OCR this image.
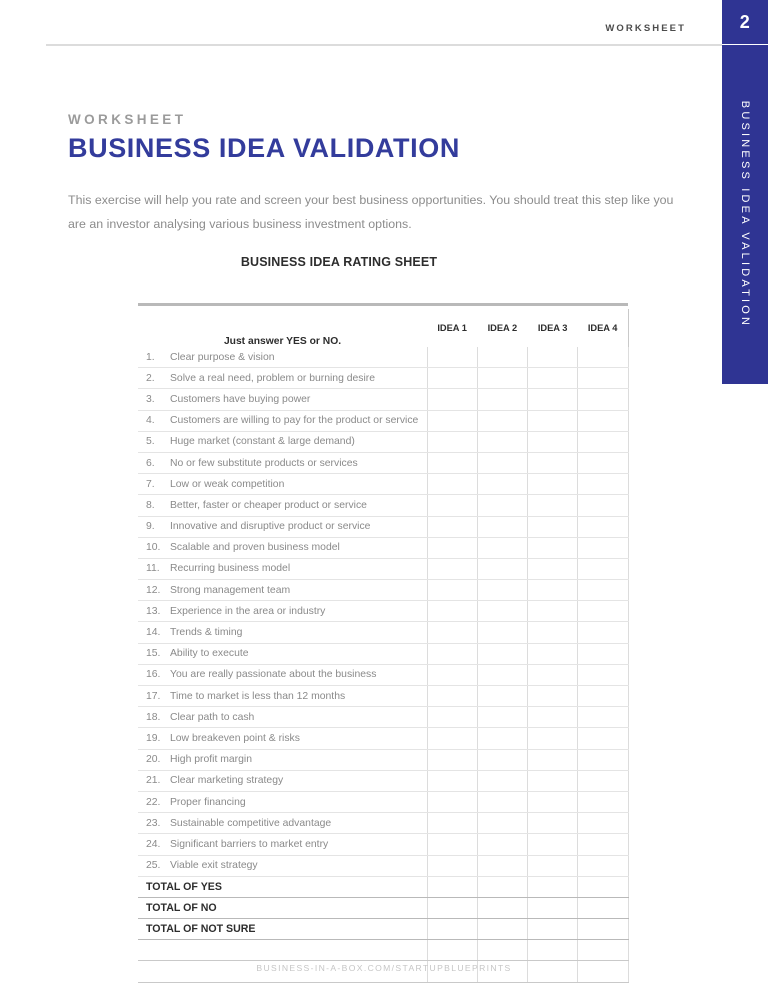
WORKSHEET	2
BUSINESS IDEA VALIDATION
WORKSHEET
BUSINESS IDEA VALIDATION
This exercise will help you rate and screen your best business opportunities. You should treat this step like you are an investor analysing various business investment options.
BUSINESS IDEA RATING SHEET

Just answer YES or NO.	IDEA 1	IDEA 2	IDEA 3	IDEA 4

1. Clear purpose & vision				

2. Solve a real need, problem or burning desire				

3. Customers have buying power				

4. Customers are willing to pay for the product or service				

5. Huge market (constant & large demand)				

6. No or few substitute products or services				

7. Low or weak competition				

8. Better, faster or cheaper product or service				

9. Innovative and disruptive product or service				

10. Scalable and proven business model				

11. Recurring business model				

12. Strong management team				

13. Experience in the area or industry				

14. Trends & timing				

15. Ability to execute				

16. You are really passionate about the business				

17. Time to market is less than 12 months				

18. Clear path to cash				

19. Low breakeven point & risks				

20. High profit margin				

21. Clear marketing strategy				

22. Proper financing				

23. Sustainable competitive advantage				

24. Significant barriers to market entry				

25. Viable exit strategy				

TOTAL OF YES				
TOTAL OF NO				
TOTAL OF NOT SURE				

BUSINESS-IN-A-BOX.COM/STARTUPBLUEPRINTS
